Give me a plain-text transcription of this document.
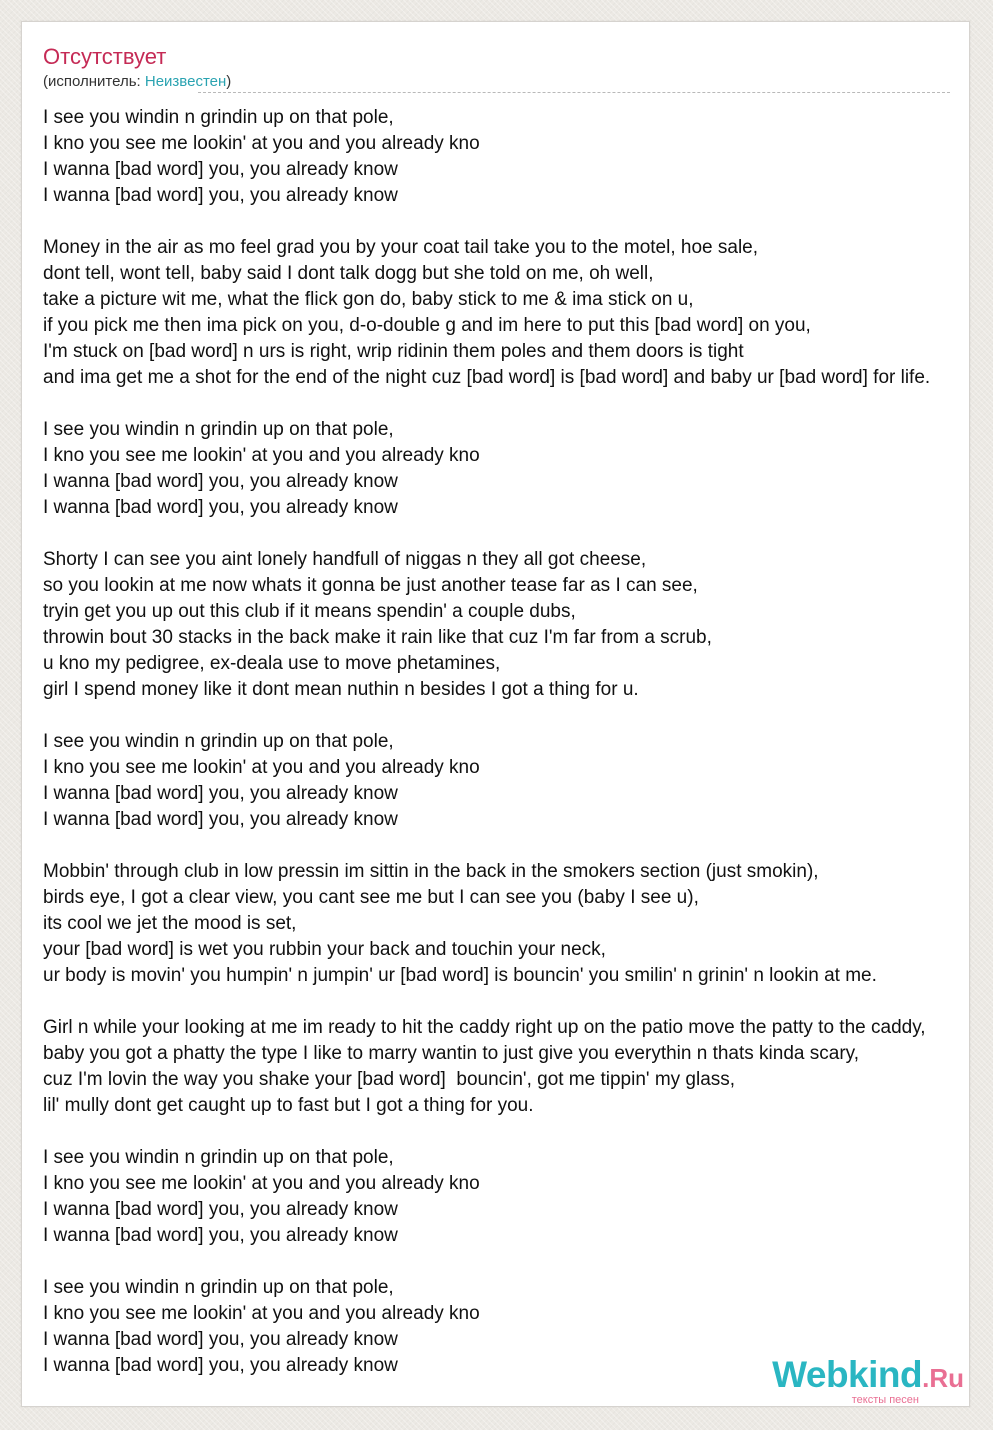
Отсутствует
(исполнитель: Неизвестен)
I see you windin n grindin up on that pole,
I kno you see me lookin' at you and you already kno
I wanna [bad word] you, you already know
I wanna [bad word] you, you already know

Money in the air as mo feel grad you by your coat tail take you to the motel, hoe sale,
dont tell, wont tell, baby said I dont talk dogg but she told on me, oh well,
take a picture wit me, what the flick gon do, baby stick to me & ima stick on u,
if you pick me then ima pick on you, d-o-double g and im here to put this [bad word] on you,
I'm stuck on [bad word] n urs is right, wrip ridinin them poles and them doors is tight
and ima get me a shot for the end of the night cuz [bad word] is [bad word] and baby ur [bad word] for life.

I see you windin n grindin up on that pole,
I kno you see me lookin' at you and you already kno
I wanna [bad word] you, you already know
I wanna [bad word] you, you already know

Shorty I can see you aint lonely handfull of niggas n they all got cheese,
so you lookin at me now whats it gonna be just another tease far as I can see,
tryin get you up out this club if it means spendin' a couple dubs,
throwin bout 30 stacks in the back make it rain like that cuz I'm far from a scrub,
u kno my pedigree, ex-deala use to move phetamines,
girl I spend money like it dont mean nuthin n besides I got a thing for u.

I see you windin n grindin up on that pole,
I kno you see me lookin' at you and you already kno
I wanna [bad word] you, you already know
I wanna [bad word] you, you already know

Mobbin' through club in low pressin im sittin in the back in the smokers section (just smokin),
birds eye, I got a clear view, you cant see me but I can see you (baby I see u),
its cool we jet the mood is set,
your [bad word] is wet you rubbin your back and touchin your neck,
ur body is movin' you humpin' n jumpin' ur [bad word] is bouncin' you smilin' n grinin' n lookin at me.

Girl n while your looking at me im ready to hit the caddy right up on the patio move the patty to the caddy,
baby you got a phatty the type I like to marry wantin to just give you everythin n thats kinda scary,
cuz I'm lovin the way you shake your [bad word]  bouncin', got me tippin' my glass,
lil' mully dont get caught up to fast but I got a thing for you.

I see you windin n grindin up on that pole,
I kno you see me lookin' at you and you already kno
I wanna [bad word] you, you already know
I wanna [bad word] you, you already know

I see you windin n grindin up on that pole,
I kno you see me lookin' at you and you already kno
I wanna [bad word] you, you already know
I wanna [bad word] you, you already know	Webkind.Ru
тексты песен
